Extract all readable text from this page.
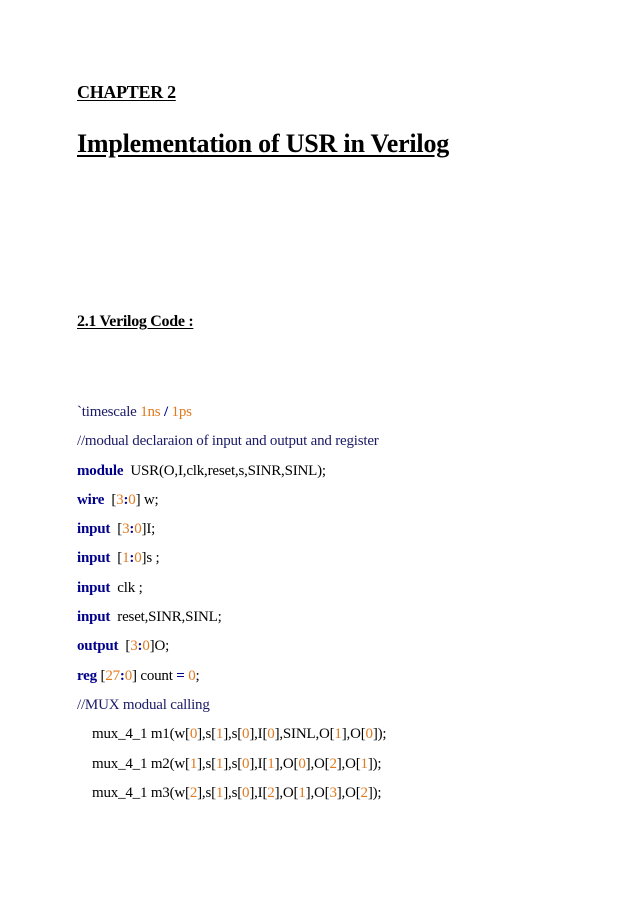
CHAPTER 2
Implementation of USR in Verilog
2.1 Verilog Code :
`timescale 1ns / 1ps
//modual declaraion of input and output and register
module  USR(O,I,clk,reset,s,SINR,SINL);
wire  [3:0] w;
input  [3:0]I;
input  [1:0]s ;
input  clk ;
input  reset,SINR,SINL;
output  [3:0]O;
reg [27:0] count = 0;
//MUX modual calling
mux_4_1 m1(w[0],s[1],s[0],I[0],SINL,O[1],O[0]);
mux_4_1 m2(w[1],s[1],s[0],I[1],O[0],O[2],O[1]);
mux_4_1 m3(w[2],s[1],s[0],I[2],O[1],O[3],O[2]);
